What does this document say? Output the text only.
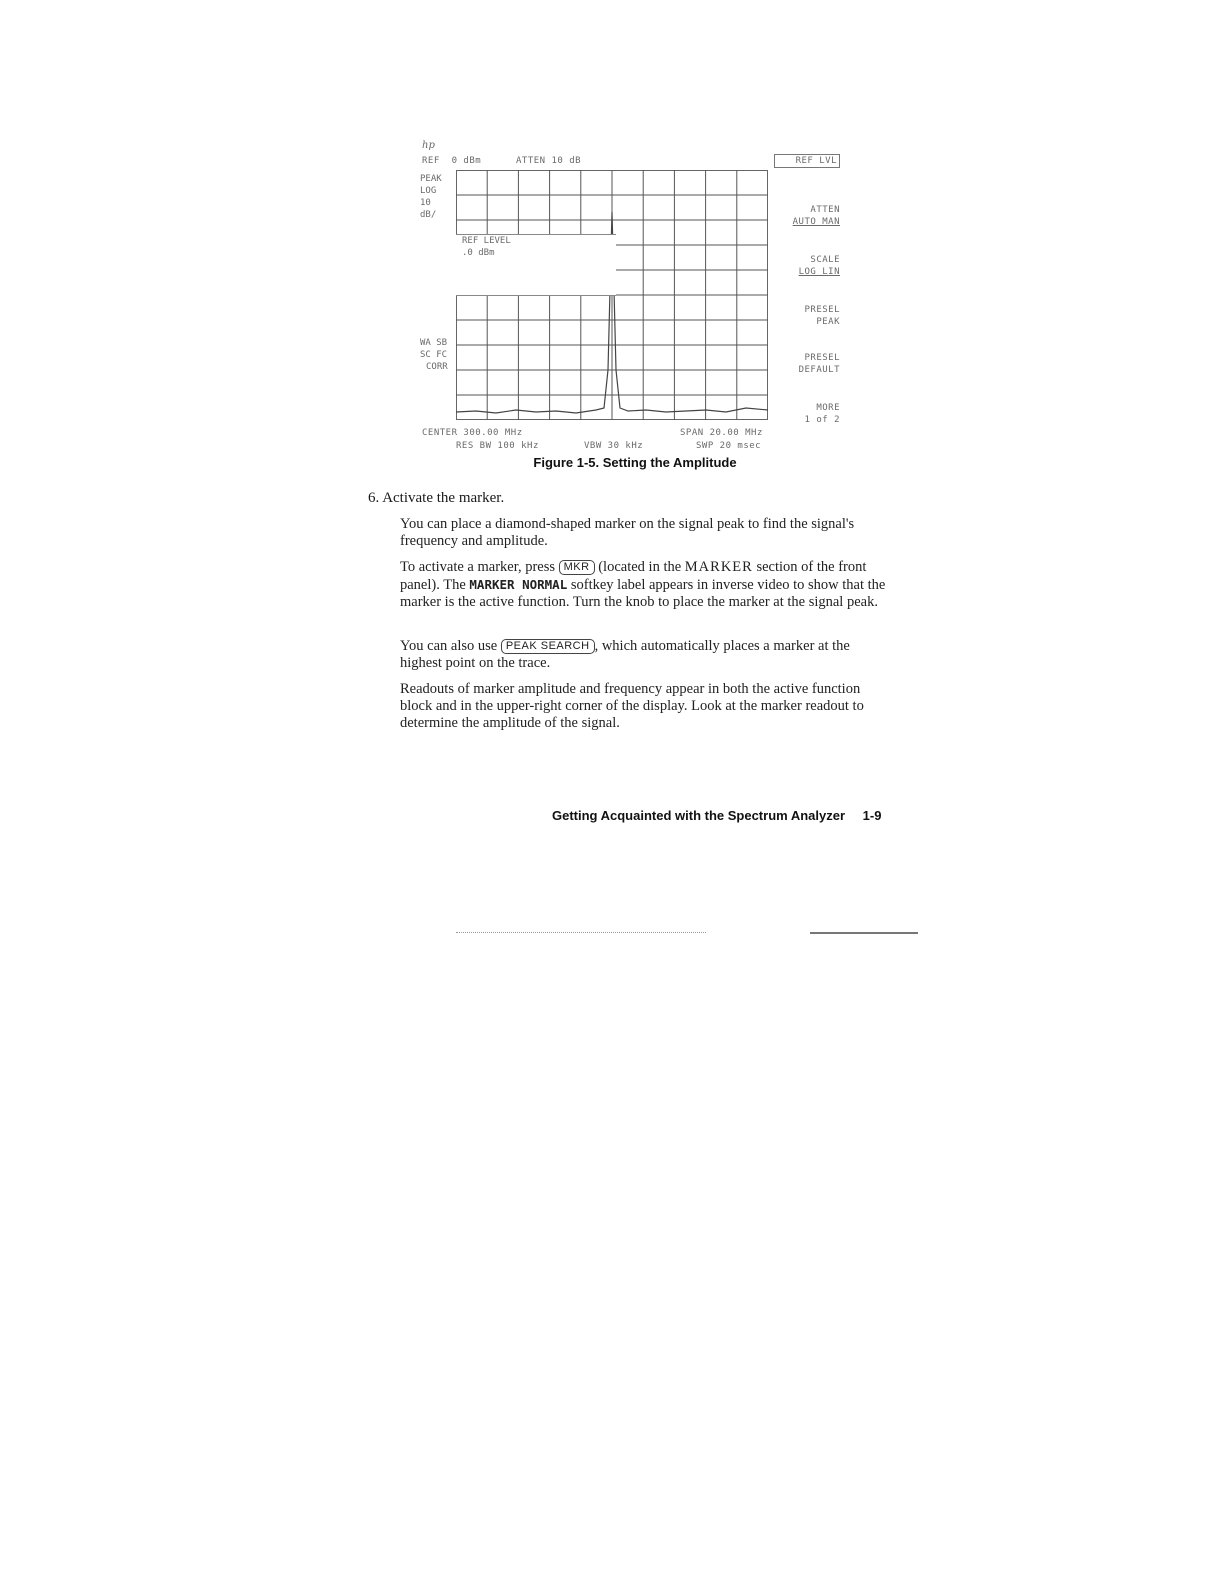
hp
REF  0 dBm	ATTEN 10 dB
PEAK
LOG
10
dB/
WA SB
SC FC
CORR
REF LEVEL
.0 dBm
REF LVL
ATTEN
AUTO MAN
SCALE
LOG LIN
PRESEL
PEAK
PRESEL
DEFAULT
MORE
1 of 2
CENTER 300.00 MHz	SPAN 20.00 MHz
RES BW 100 kHz	VBW 30 kHz	SWP 20 msec
Figure 1-5. Setting the Amplitude
6. Activate the marker.

You can place a diamond-shaped marker on the signal peak to find the signal's frequency and amplitude.

To activate a marker, press MKR (located in the MARKER section of the front panel). The MARKER NORMAL softkey label appears in inverse video to show that the marker is the active function. Turn the knob to place the marker at the signal peak.

You can also use PEAK SEARCH , which automatically places a marker at the highest point on the trace.

Readouts of marker amplitude and frequency appear in both the active function block and in the upper-right corner of the display. Look at the marker readout to determine the amplitude of the signal.

Getting Acquainted with the Spectrum Analyzer 1-9
